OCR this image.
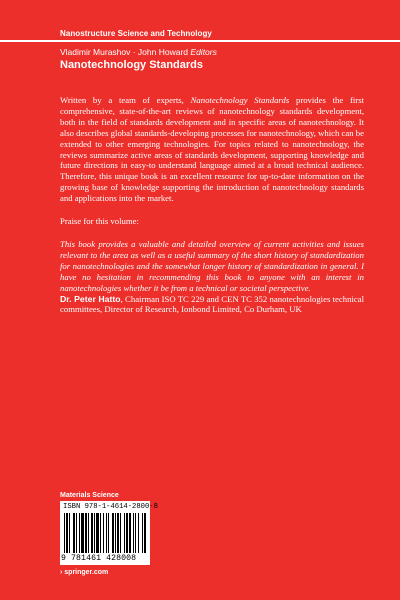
Nanostructure Science and Technology
Vladimir Murashov · John Howard Editors
Nanotechnology Standards

Written by a team of experts, Nanotechnology Standards provides the first comprehensive, state-of-the-art reviews of nanotechnology standards development, both in the field of standards development and in specific areas of nanotechnology. It also describes global standards-developing processes for nanotechnology, which can be extended to other emerging technologies. For topics related to nanotechnology, the reviews summarize active areas of standards development, supporting knowledge and future directions in easy-to understand language aimed at a broad technical audience. Therefore, this unique book is an excellent resource for up-to-date information on the growing base of knowledge supporting the introduction of nanotechnology standards and applications into the market.

Praise for this volume:

This book provides a valuable and detailed overview of current activities and issues relevant to the area as well as a useful summary of the short history of standardization for nanotechnologies and the somewhat longer history of standardization in general. I have no hesitation in recommending this book to anyone with an interest in nanotechnologies whether it be from a technical or societal perspective.

Dr. Peter Hatto, Chairman ISO TC 229 and CEN TC 352 nanotechnologies technical committees, Director of Research, Ionbond Limited, Co Durham, UK

Materials Science
ISBN 978-1-4614-2800-8
9 781461 428008
› springer.com
